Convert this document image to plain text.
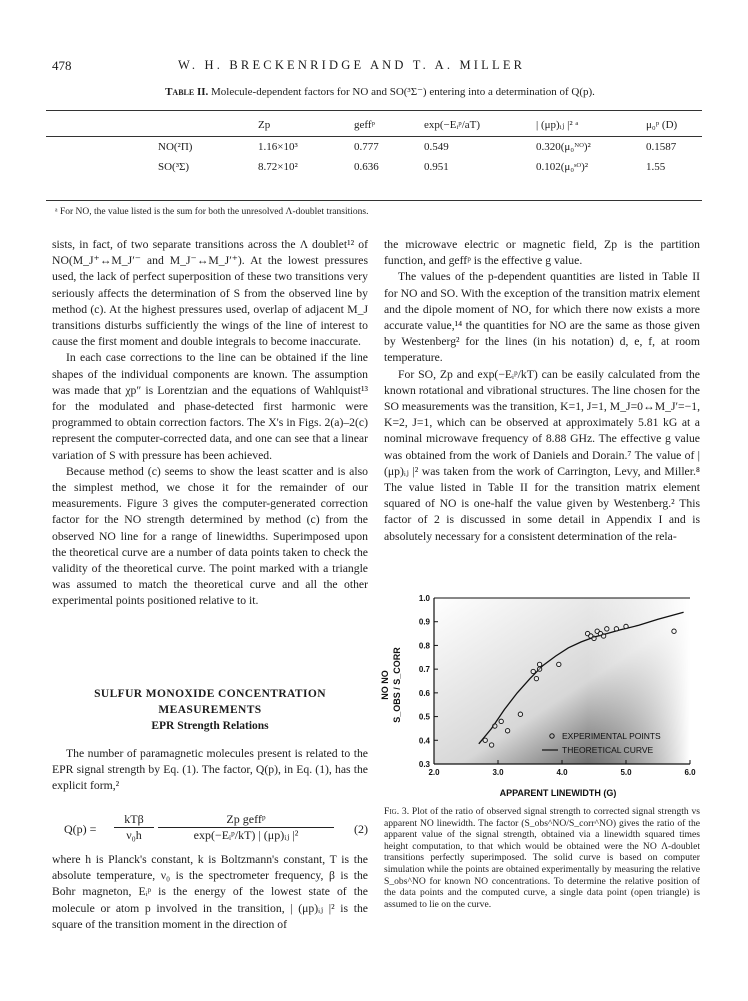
478	W. H. BRECKENRIDGE AND T. A. MILLER
Table II. Molecule-dependent factors for NO and SO(³Σ⁻) entering into a determination of Q(p).
	Zp	geffᵖ	exp(−Eᵢᵖ/aT)	| (μp)ᵢⱼ |² ᵃ	μ₀ᵖ (D)
NO(²Π)	1.16×10³	0.777	0.549	0.320(μ₀ᴺᴼ)²	0.1587
SO(³Σ)	8.72×10²	0.636	0.951	0.102(μ₀ˢᴼ)²	1.55
ᵃ For NO, the value listed is the sum for both the unresolved Λ-doublet transitions.

sists, in fact, of two separate transitions across the Λ doublet¹² of NO(M_J⁺↔M_J′⁻ and M_J⁻↔M_J′⁺). At the lowest pressures used, the lack of perfect superposition of these two transitions very seriously affects the determination of S from the observed line by method (c). At the highest pressures used, overlap of adjacent M_J transitions disturbs sufficiently the wings of the line of interest to cause the first moment and double integrals to become inaccurate.

In each case corrections to the line can be obtained if the line shapes of the individual components are known. The assumption was made that χp″ is Lorentzian and the equations of Wahlquist¹³ for the modulated and phase-detected first harmonic were programmed to obtain correction factors. The X's in Figs. 2(a)–2(c) represent the computer-corrected data, and one can see that a linear variation of S with pressure has been achieved.

Because method (c) seems to show the least scatter and is also the simplest method, we chose it for the remainder of our measurements. Figure 3 gives the computer-generated correction factor for the NO strength determined by method (c) from the observed NO line for a range of linewidths. Superimposed upon the theoretical curve are a number of data points taken to check the validity of the theoretical curve. The point marked with a triangle was assumed to match the theoretical curve and all the other experimental points positioned relative to it.

SULFUR MONOXIDE CONCENTRATION MEASUREMENTS
EPR Strength Relations

The number of paramagnetic molecules present is related to the EPR signal strength by Eq. (1). The factor, Q(p), in Eq. (1), has the explicit form,²

Q(p) =
kTβ
ν₀h
Zp geffᵖ
exp(−Eᵢᵖ/kT) | (μp)ᵢⱼ |²	(2)

where h is Planck's constant, k is Boltzmann's constant, T is the absolute temperature, ν₀ is the spectrometer frequency, β is the Bohr magneton, Eᵢᵖ is the energy of the lowest state of the molecule or atom p involved in the transition, | (μp)ᵢⱼ |² is the square of the transition moment in the direction of

the microwave electric or magnetic field, Zp is the partition function, and geffᵖ is the effective g value.

The values of the p-dependent quantities are listed in Table II for NO and SO. With the exception of the transition matrix element and the dipole moment of NO, for which there now exists a more accurate value,¹⁴ the quantities for NO are the same as those given by Westenberg² for the lines (in his notation) d, e, f, at room temperature.

For SO, Zp and exp(−Eᵢᵖ/kT) can be easily calculated from the known rotational and vibrational structures. The line chosen for the SO measurements was the transition, K=1, J=1, M_J=0↔M_J′=−1, K=2, J=1, which can be observed at approximately 5.81 kG at a nominal microwave frequency of 8.88 GHz. The effective g value was obtained from the work of Daniels and Dorain.⁷ The value of | (μp)ᵢⱼ |² was taken from the work of Carrington, Levy, and Miller.⁸ The value listed in Table II for the transition matrix element squared of NO is one-half the value given by Westenberg.² This factor of 2 is discussed in some detail in Appendix I and is absolutely necessary for a consistent determination of the rela-

0.3
0.4
0.5
0.6
0.7
0.8
0.9
1.0
2.0	3.0	4.0	5.0	6.0
EXPERIMENTAL POINTS
THEORETICAL CURVE
S_OBS / S_CORR
NO NO
APPARENT LINEWIDTH (G)
Fig. 3. Plot of the ratio of observed signal strength to corrected signal strength vs apparent NO linewidth. The factor (S_obs^NO/S_corr^NO) gives the ratio of the apparent value of the signal strength, obtained via a linewidth squared times height computation, to that which would be obtained were the NO Λ-doublet transitions perfectly superimposed. The solid curve is based on computer simulation while the points are obtained experimentally by measuring the relative S_obs^NO for known NO concentrations. To determine the relative position of the data points and the computed curve, a single data point (open triangle) is assumed to lie on the curve.
